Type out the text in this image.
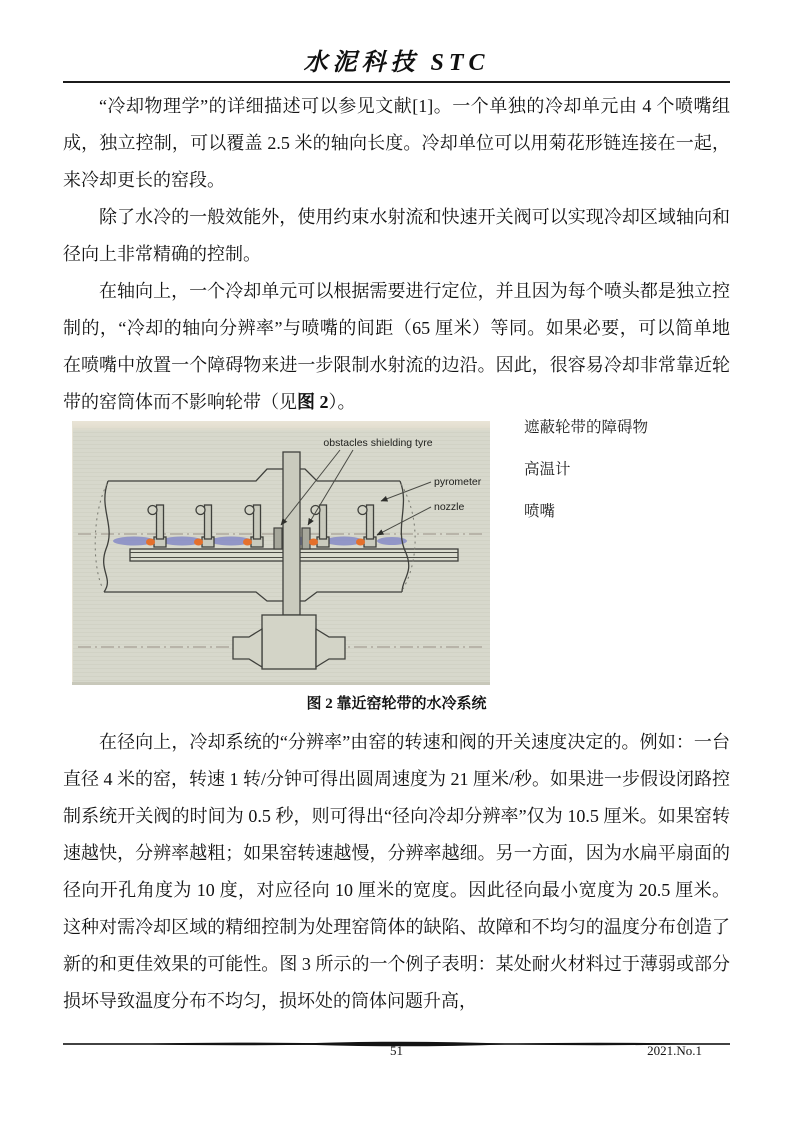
水泥科技 STC

“冷却物理学”的详细描述可以参见文献[1]。一个单独的冷却单元由 4 个喷嘴组成，独立控制，可以覆盖 2.5 米的轴向长度。冷却单位可以用菊花形链连接在一起，来冷却更长的窑段。

除了水冷的一般效能外，使用约束水射流和快速开关阀可以实现冷却区域轴向和径向上非常精确的控制。

在轴向上，一个冷却单元可以根据需要进行定位，并且因为每个喷头都是独立控制的，“冷却的轴向分辨率”与喷嘴的间距（65 厘米）等同。如果必要，可以简单地在喷嘴中放置一个障碍物来进一步限制水射流的边沿。因此，很容易冷却非常靠近轮带的窑筒体而不影响轮带（见图 2）。

obstacles shielding tyre
pyrometer
nozzle
遮蔽轮带的障碍物
高温计
喷嘴
图 2 靠近窑轮带的水冷系统

在径向上，冷却系统的“分辨率”由窑的转速和阀的开关速度决定的。例如：一台直径 4 米的窑，转速 1 转/分钟可得出圆周速度为 21 厘米/秒。如果进一步假设闭路控制系统开关阀的时间为 0.5 秒，则可得出“径向冷却分辨率”仅为 10.5 厘米。如果窑转速越快，分辨率越粗；如果窑转速越慢，分辨率越细。另一方面，因为水扁平扇面的径向开孔角度为 10 度，对应径向 10 厘米的宽度。因此径向最小宽度为 20.5 厘米。这种对需冷却区域的精细控制为处理窑筒体的缺陷、故障和不均匀的温度分布创造了新的和更佳效果的可能性。图 3 所示的一个例子表明：某处耐火材料过于薄弱或部分损坏导致温度分布不均匀，损坏处的筒体问题升高，

51	2021.No.1
